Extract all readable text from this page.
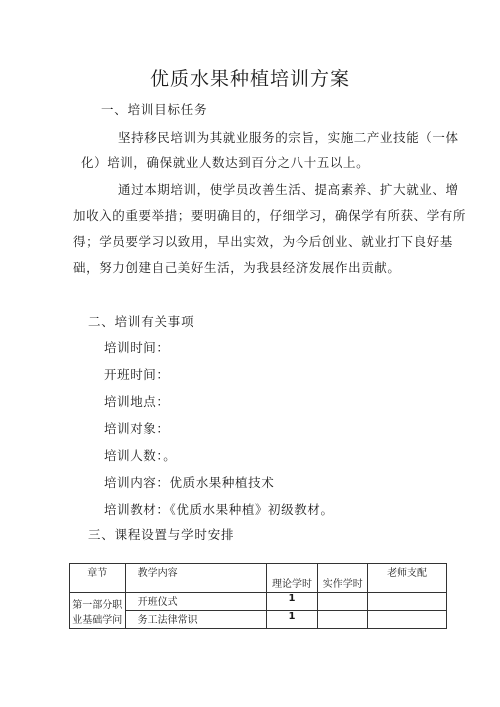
优质水果种植培训方案
一、培训目标任务
坚持移民培训为其就业服务的宗旨，实施二产业技能（一体
化）培训，确保就业人数达到百分之八十五以上。
通过本期培训，使学员改善生活、提高素养、扩大就业、增
加收入的重要举措；要明确目的，仔细学习，确保学有所获、学有所
得；学员要学习以致用，早出实效，为今后创业、就业打下良好基
础，努力创建自己美好生活，为我县经济发展作出贡献。
二、培训有关事项
培训时间：
开班时间：
培训地点：
培训对象：
培训人数：。
培训内容：优质水果种植技术
培训教材：《优质水果种植》初级教材。
三、课程设置与学时安排
章节	教学内容	理论学时	实作学时	老师支配
第一部分职业基础学问	开班仪式	1		
	务工法律常识	1		
